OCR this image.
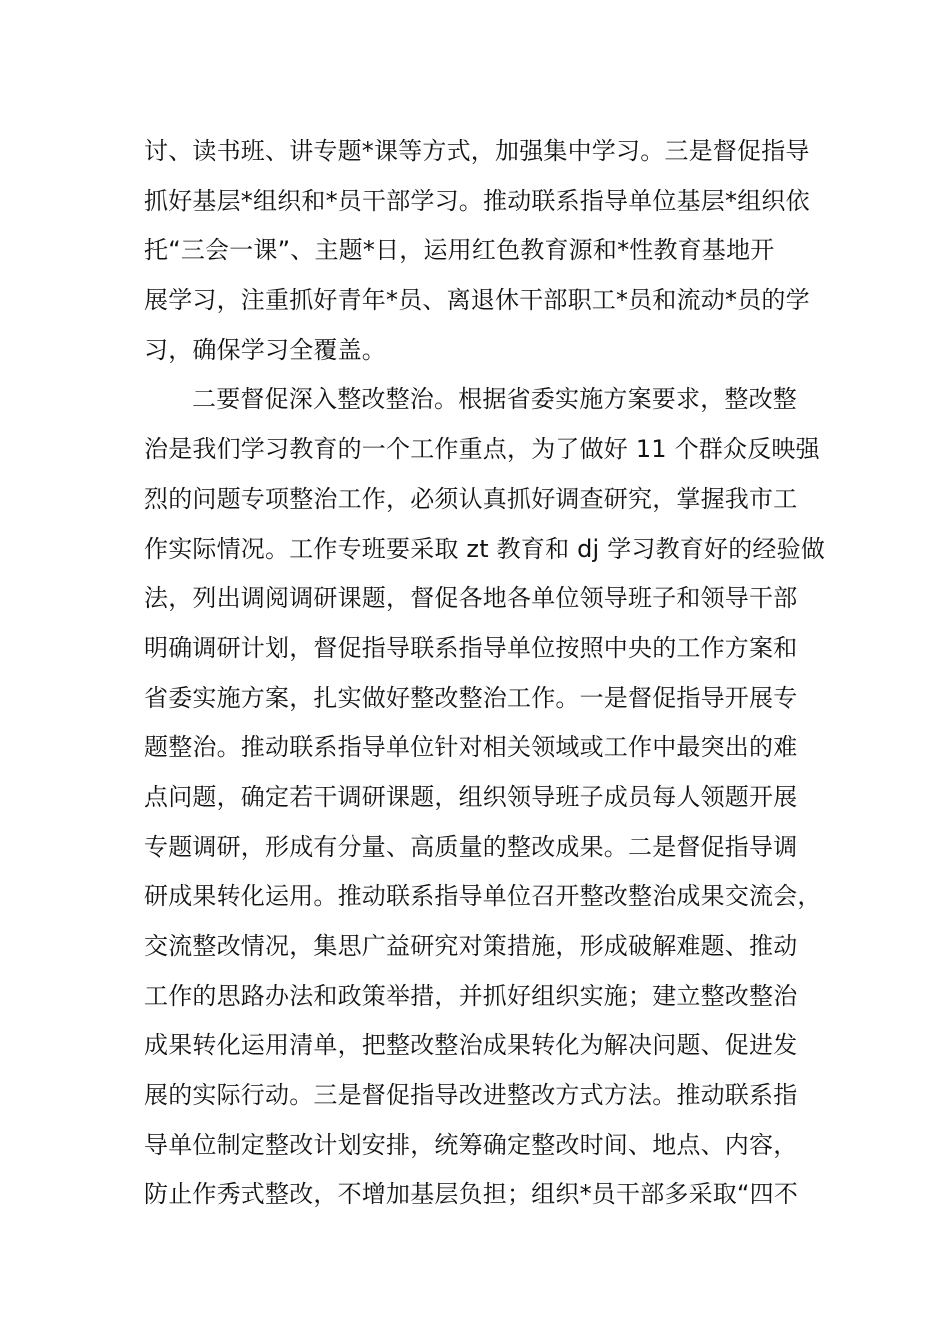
讨、读书班、讲专题*课等方式，加强集中学习。三是督促指导
抓好基层*组织和*员干部学习。推动联系指导单位基层*组织依
托“三会一课”、主题*日，运用红色教育源和*性教育基地开
展学习，注重抓好青年*员、离退休干部职工*员和流动*员的学
习，确保学习全覆盖。
二要督促深入整改整治。根据省委实施方案要求，整改整
治是我们学习教育的一个工作重点，为了做好 11 个群众反映强
烈的问题专项整治工作，必须认真抓好调查研究，掌握我市工
作实际情况。工作专班要采取 zt 教育和 dj 学习教育好的经验做
法，列出调阅调研课题，督促各地各单位领导班子和领导干部
明确调研计划，督促指导联系指导单位按照中央的工作方案和
省委实施方案，扎实做好整改整治工作。一是督促指导开展专
题整治。推动联系指导单位针对相关领域或工作中最突出的难
点问题，确定若干调研课题，组织领导班子成员每人领题开展
专题调研，形成有分量、高质量的整改成果。二是督促指导调
研成果转化运用。推动联系指导单位召开整改整治成果交流会，
交流整改情况，集思广益研究对策措施，形成破解难题、推动
工作的思路办法和政策举措，并抓好组织实施；建立整改整治
成果转化运用清单，把整改整治成果转化为解决问题、促进发
展的实际行动。三是督促指导改进整改方式方法。推动联系指
导单位制定整改计划安排，统筹确定整改时间、地点、内容，
防止作秀式整改，不增加基层负担；组织*员干部多采取“四不
